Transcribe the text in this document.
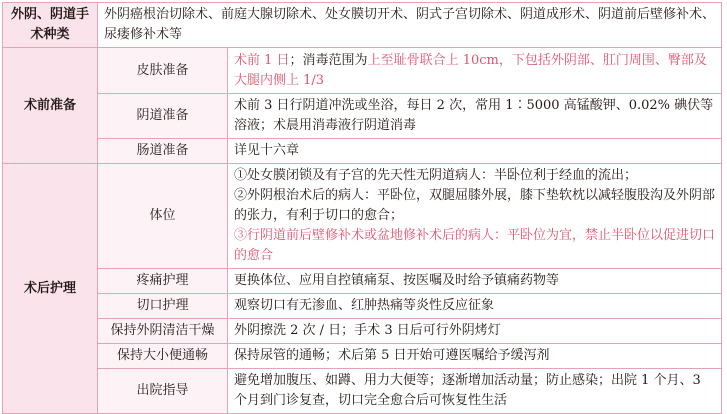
外阴、阴道手术种类	外阴癌根治切除术、前庭大腺切除术、处女膜切开术、阴式子宫切除术、阴道成形术、阴道前后壁修补术、尿瘘修补术等	
术前准备	皮肤准备	术前 1 日；消毒范围为上至耻骨联合上 10cm，下包括外阴部、肛门周围、臀部及大腿内侧上 1/3
	阴道准备	术前 3 日行阴道冲洗或坐浴，每日 2 次，常用 1∶5000 高锰酸钾、0.02% 碘伏等溶液；术晨用消毒液行阴道消毒
	肠道准备	详见十六章
术后护理	体位	①处女膜闭锁及有子宫的先天性无阴道病人：半卧位利于经血的流出；
②外阴根治术后的病人：平卧位，双腿屈膝外展，膝下垫软枕以减轻腹股沟及外阴部的张力，有利于切口的愈合；
③行阴道前后壁修补术或盆地修补术后的病人：平卧位为宜，禁止半卧位以促进切口的愈合

	疼痛护理	更换体位、应用自控镇痛泵、按医嘱及时给予镇痛药物等
	切口护理	观察切口有无渗血、红肿热痛等炎性反应征象
	保持外阴清洁干燥	外阴擦洗 2 次 / 日；手术 3 日后可行外阴烤灯
	保持大小便通畅	保持尿管的通畅；术后第 5 日开始可遵医嘱给予缓泻剂
	出院指导	避免增加腹压、如蹲、用力大便等；逐渐增加活动量；防止感染；出院 1 个月、3 个月到门诊复查，切口完全愈合后可恢复性生活
